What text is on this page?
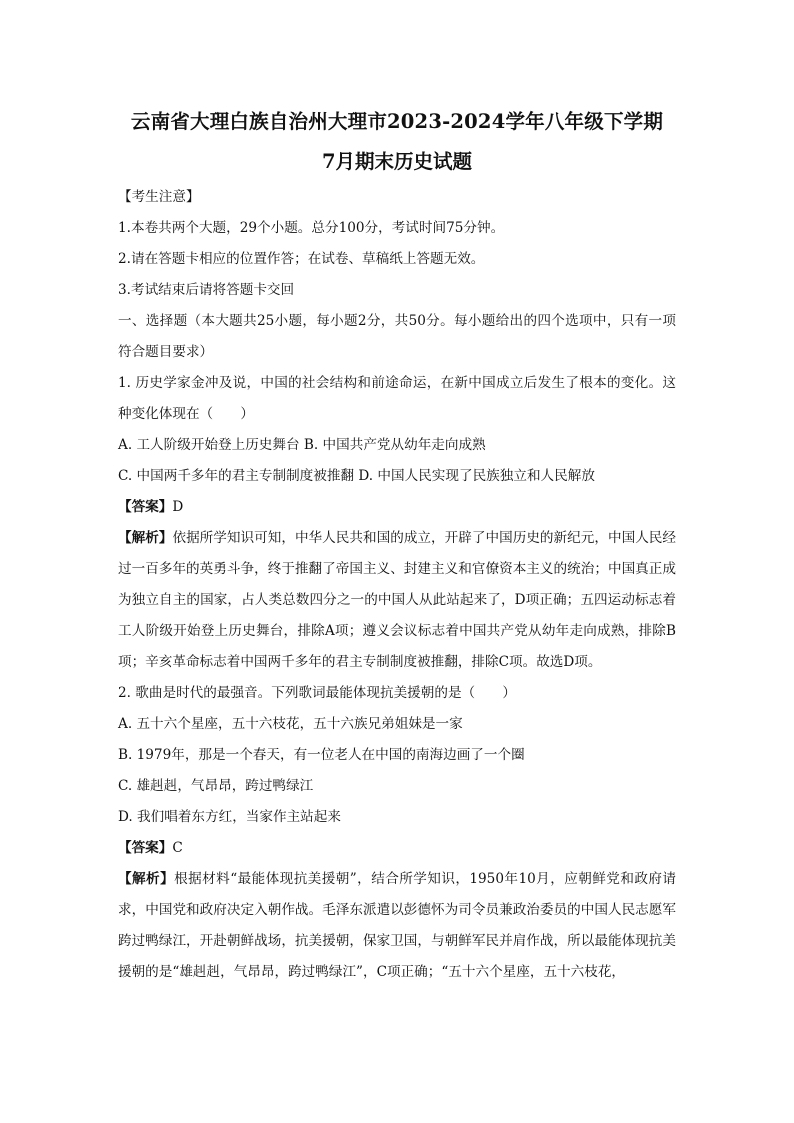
云南省大理白族自治州大理市2023-2024学年八年级下学期
7月期末历史试题

【考生注意】

1.本卷共两个大题，29个小题。总分100分，考试时间75分钟。

2.请在答题卡相应的位置作答；在试卷、草稿纸上答题无效。

3.考试结束后请将答题卡交回

一、选择题（本大题共25小题，每小题2分，共50分。每小题给出的四个选项中，只有一项符合题目要求）

1. 历史学家金冲及说，中国的社会结构和前途命运，在新中国成立后发生了根本的变化。这种变化体现在（　　）

A. 工人阶级开始登上历史舞台 B. 中国共产党从幼年走向成熟

C. 中国两千多年的君主专制制度被推翻 D. 中国人民实现了民族独立和人民解放

【答案】D

【解析】依据所学知识可知，中华人民共和国的成立，开辟了中国历史的新纪元，中国人民经过一百多年的英勇斗争，终于推翻了帝国主义、封建主义和官僚资本主义的统治；中国真正成为独立自主的国家，占人类总数四分之一的中国人从此站起来了，D项正确；五四运动标志着工人阶级开始登上历史舞台，排除A项；遵义会议标志着中国共产党从幼年走向成熟，排除B项；辛亥革命标志着中国两千多年的君主专制制度被推翻，排除C项。故选D项。

2. 歌曲是时代的最强音。下列歌词最能体现抗美援朝的是（　　）

A. 五十六个星座，五十六枝花，五十六族兄弟姐妹是一家

B. 1979年，那是一个春天，有一位老人在中国的南海边画了一个圈

C. 雄赳赳，气昂昂，跨过鸭绿江

D. 我们唱着东方红，当家作主站起来

【答案】C

【解析】根据材料“最能体现抗美援朝”，结合所学知识，1950年10月，应朝鲜党和政府请求，中国党和政府决定入朝作战。毛泽东派遣以彭德怀为司令员兼政治委员的中国人民志愿军跨过鸭绿江，开赴朝鲜战场，抗美援朝，保家卫国，与朝鲜军民并肩作战，所以最能体现抗美援朝的是“雄赳赳，气昂昂，跨过鸭绿江”，C项正确；“五十六个星座，五十六枝花，
